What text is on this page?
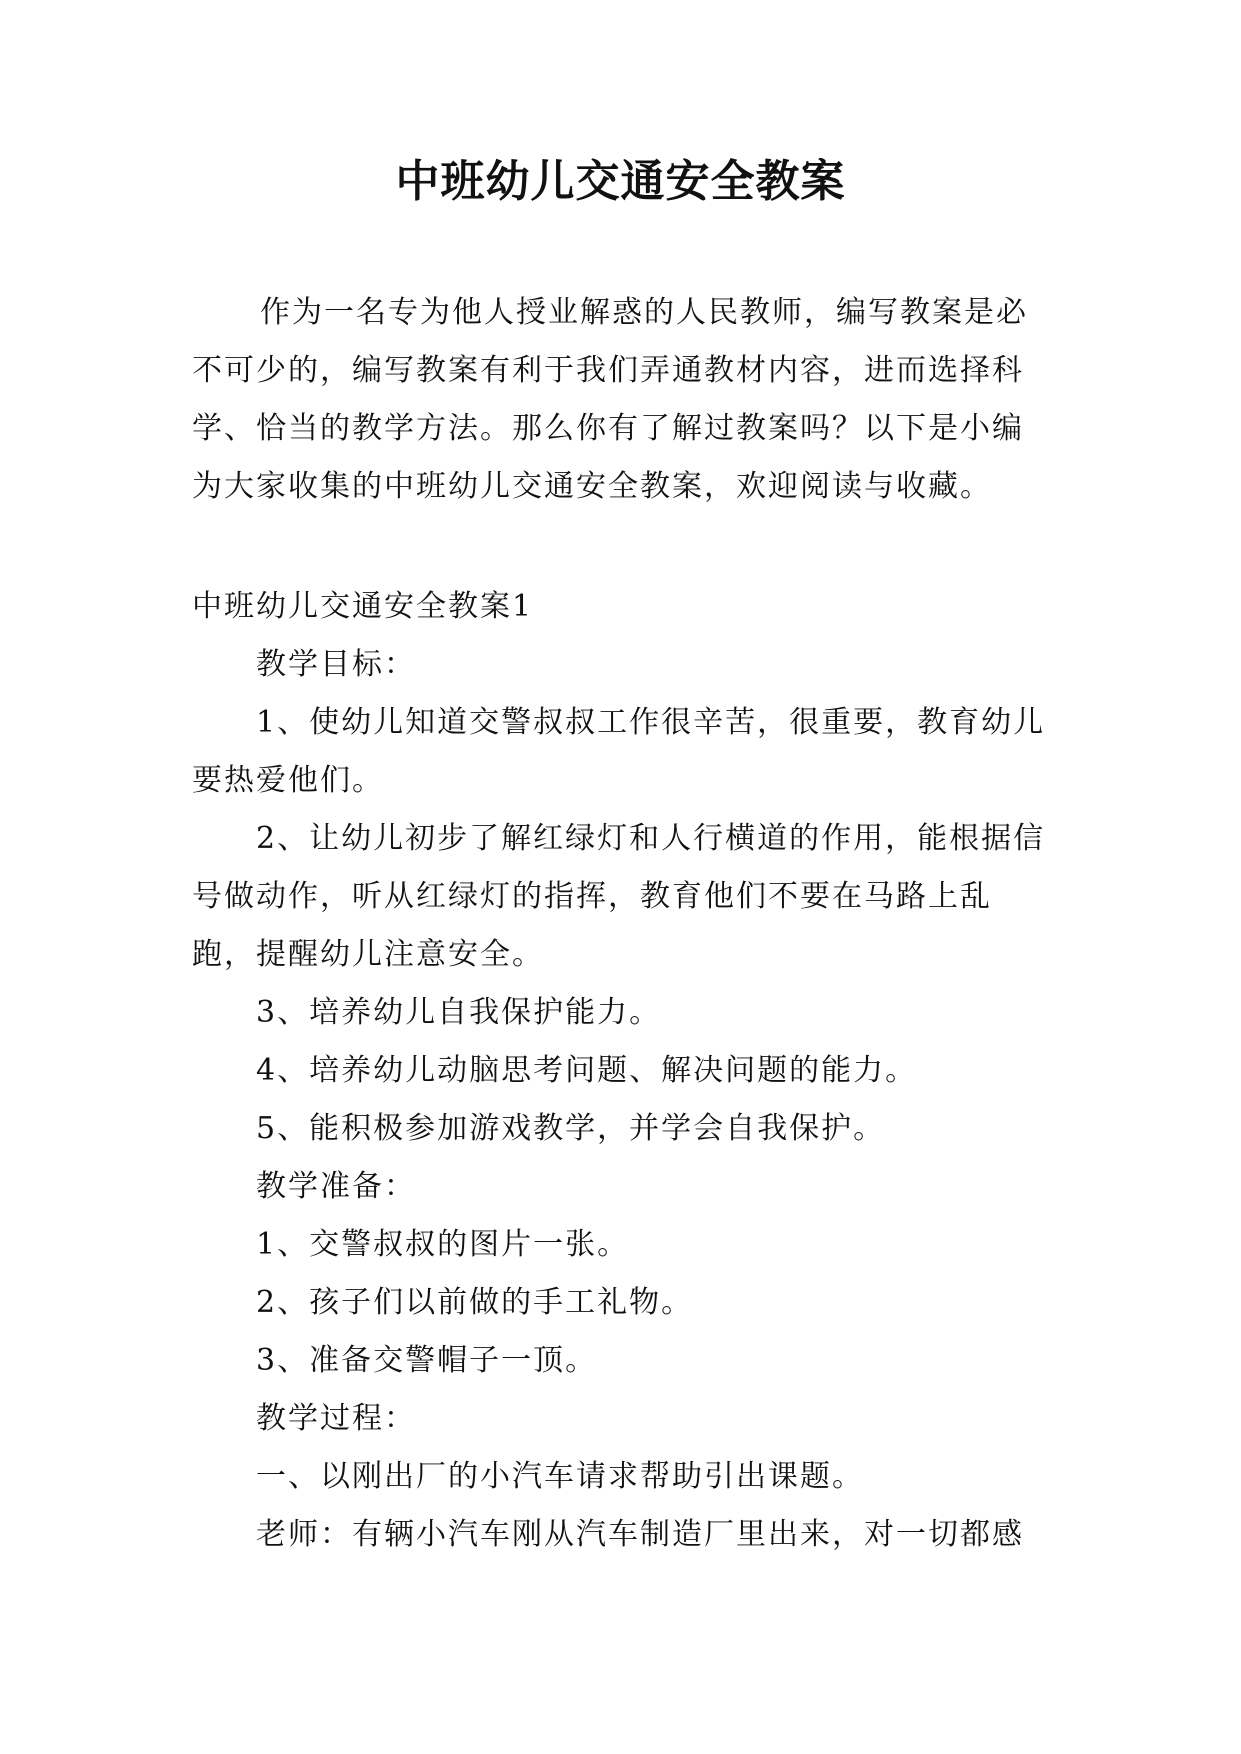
中班幼儿交通安全教案
作为一名专为他人授业解惑的人民教师，编写教案是必不可少的，编写教案有利于我们弄通教材内容，进而选择科学、恰当的教学方法。那么你有了解过教案吗？以下是小编为大家收集的中班幼儿交通安全教案，欢迎阅读与收藏。
中班幼儿交通安全教案1
教学目标：
1、使幼儿知道交警叔叔工作很辛苦，很重要，教育幼儿要热爱他们。
2、让幼儿初步了解红绿灯和人行横道的作用，能根据信号做动作，听从红绿灯的指挥，教育他们不要在马路上乱跑，提醒幼儿注意安全。
3、培养幼儿自我保护能力。
4、培养幼儿动脑思考问题、解决问题的能力。
5、能积极参加游戏教学，并学会自我保护。
教学准备：
1、交警叔叔的图片一张。
2、孩子们以前做的手工礼物。
3、准备交警帽子一顶。
教学过程：
一、以刚出厂的小汽车请求帮助引出课题。
老师：有辆小汽车刚从汽车制造厂里出来，对一切都感
